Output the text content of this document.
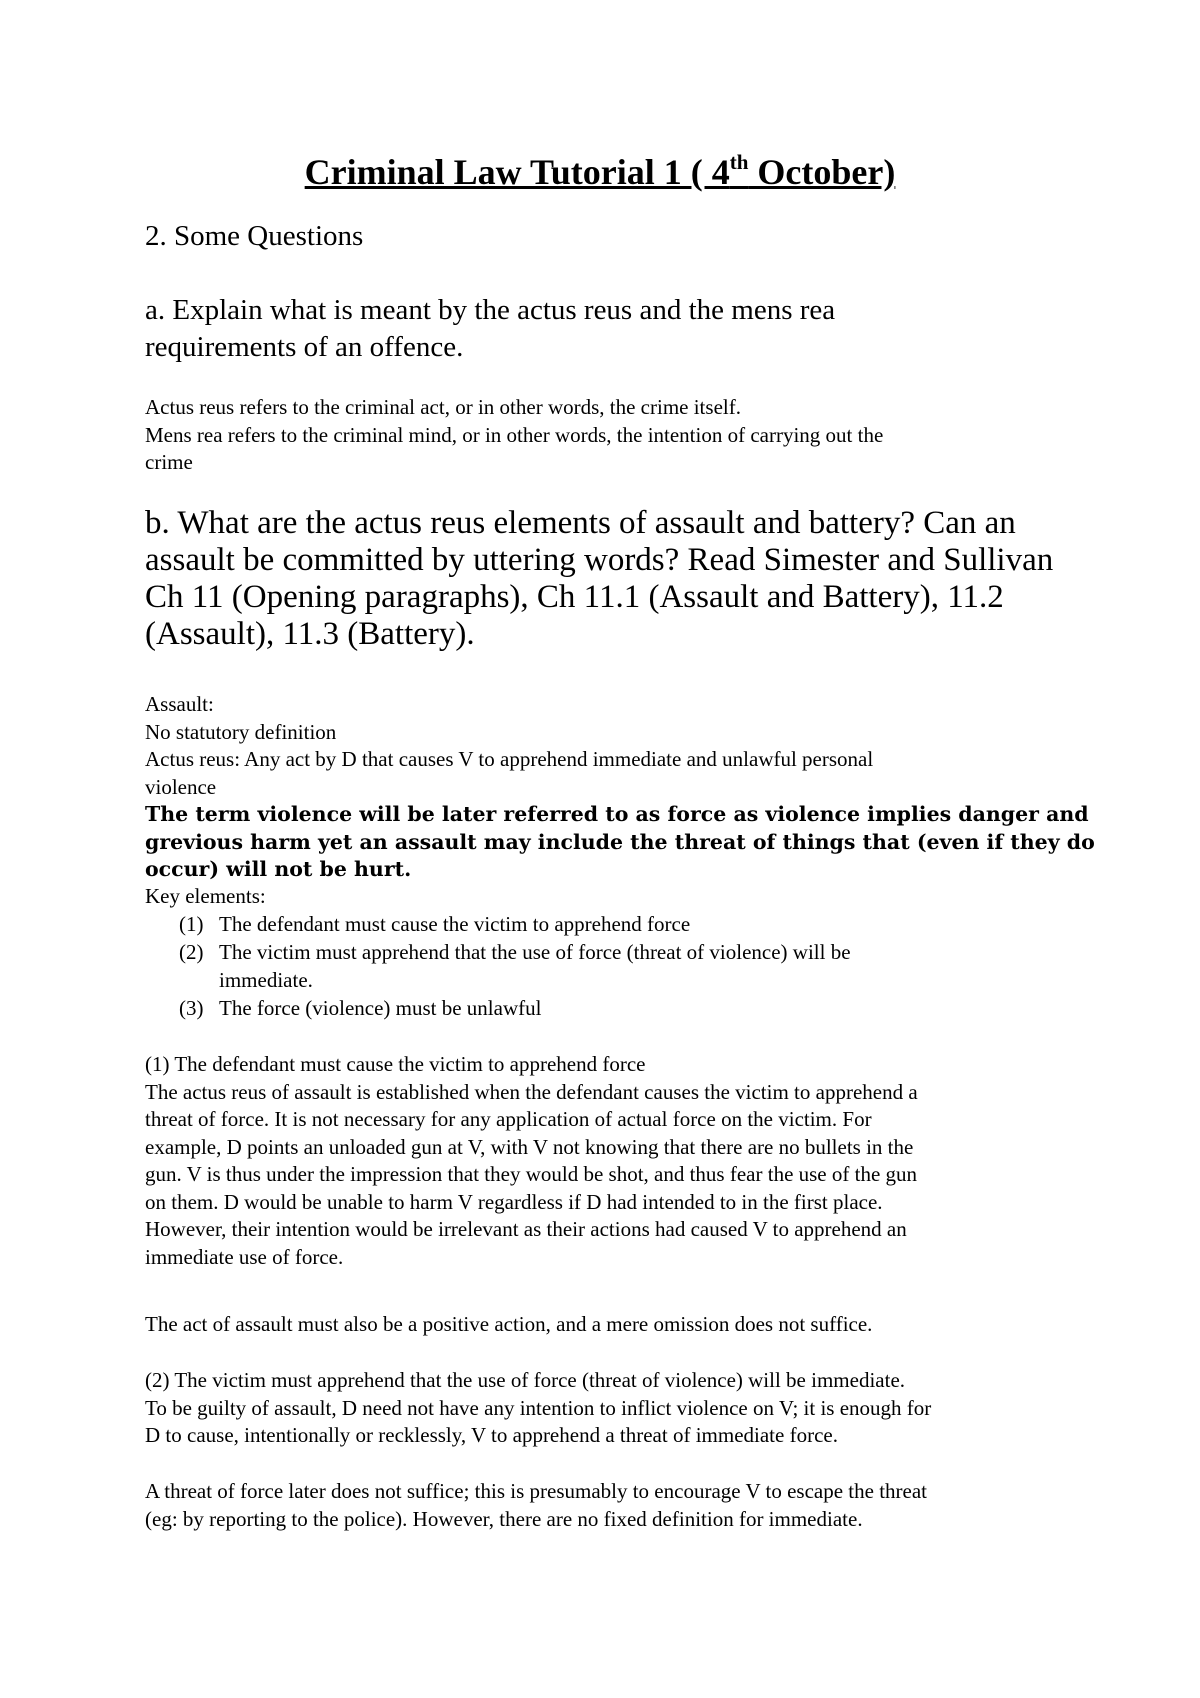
Criminal Law Tutorial 1 ( 4th October)
2. Some Questions
a. Explain what is meant by the actus reus and the mens rea
requirements of an offence.
Actus reus refers to the criminal act, or in other words, the crime itself.
Mens rea refers to the criminal mind, or in other words, the intention of carrying out the
crime
b. What are the actus reus elements of assault and battery? Can an
assault be committed by uttering words? Read Simester and Sullivan
Ch 11 (Opening paragraphs), Ch 11.1 (Assault and Battery), 11.2
(Assault), 11.3 (Battery).
Assault:
No statutory definition
Actus reus: Any act by D that causes V to apprehend immediate and unlawful personal
violence
The term violence will be later referred to as force as violence implies danger and
grevious harm yet an assault may include the threat of things that (even if they do
occur) will not be hurt.
Key elements:
(1) The defendant must cause the victim to apprehend force
(2) The victim must apprehend that the use of force (threat of violence) will be
immediate.
(3) The force (violence) must be unlawful
(1) The defendant must cause the victim to apprehend force
The actus reus of assault is established when the defendant causes the victim to apprehend a
threat of force. It is not necessary for any application of actual force on the victim. For
example, D points an unloaded gun at V, with V not knowing that there are no bullets in the
gun. V is thus under the impression that they would be shot, and thus fear the use of the gun
on them. D would be unable to harm V regardless if D had intended to in the first place.
However, their intention would be irrelevant as their actions had caused V to apprehend an
immediate use of force.
The act of assault must also be a positive action, and a mere omission does not suffice.
(2) The victim must apprehend that the use of force (threat of violence) will be immediate.
To be guilty of assault, D need not have any intention to inflict violence on V; it is enough for
D to cause, intentionally or recklessly, V to apprehend a threat of immediate force.
A threat of force later does not suffice; this is presumably to encourage V to escape the threat
(eg: by reporting to the police). However, there are no fixed definition for immediate.
